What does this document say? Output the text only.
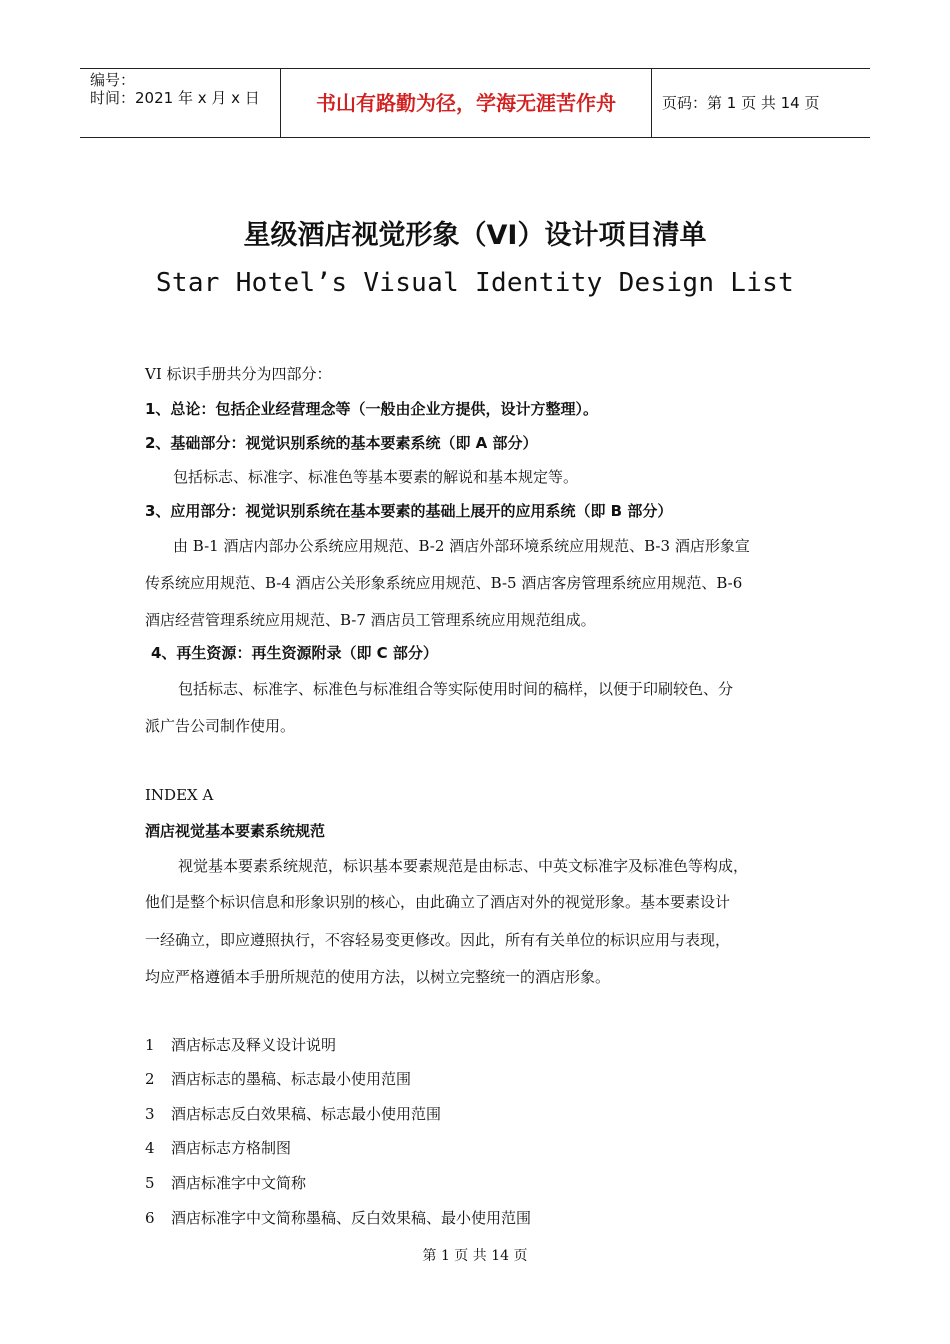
编号：
时间：2021 年 x 月 x 日	书山有路勤为径，学海无涯苦作舟	页码：第 1 页 共 14 页
星级酒店视觉形象（VI）设计项目清单
Star Hotel’s Visual Identity Design List
VI 标识手册共分为四部分：
1、总论：包括企业经营理念等（一般由企业方提供，设计方整理）。
2、基础部分：视觉识别系统的基本要素系统（即 A 部分）
包括标志、标准字、标准色等基本要素的解说和基本规定等。
3、应用部分：视觉识别系统在基本要素的基础上展开的应用系统（即 B 部分）
由 B-1 酒店内部办公系统应用规范、B-2 酒店外部环境系统应用规范、B-3 酒店形象宣
传系统应用规范、B-4 酒店公关形象系统应用规范、B-5 酒店客房管理系统应用规范、B-6
酒店经营管理系统应用规范、B-7 酒店员工管理系统应用规范组成。
4、再生资源：再生资源附录（即 C 部分）
包括标志、标准字、标准色与标准组合等实际使用时间的稿样，以便于印刷较色、分
派广告公司制作使用。
INDEX A
酒店视觉基本要素系统规范
视觉基本要素系统规范，标识基本要素规范是由标志、中英文标准字及标准色等构成，
他们是整个标识信息和形象识别的核心，由此确立了酒店对外的视觉形象。基本要素设计
一经确立，即应遵照执行，不容轻易变更修改。因此，所有有关单位的标识应用与表现，
均应严格遵循本手册所规范的使用方法，以树立完整统一的酒店形象。
1 酒店标志及释义设计说明
2 酒店标志的墨稿、标志最小使用范围
3 酒店标志反白效果稿、标志最小使用范围
4 酒店标志方格制图
5 酒店标准字中文简称
6 酒店标准字中文简称墨稿、反白效果稿、最小使用范围
第 1 页 共 14 页
